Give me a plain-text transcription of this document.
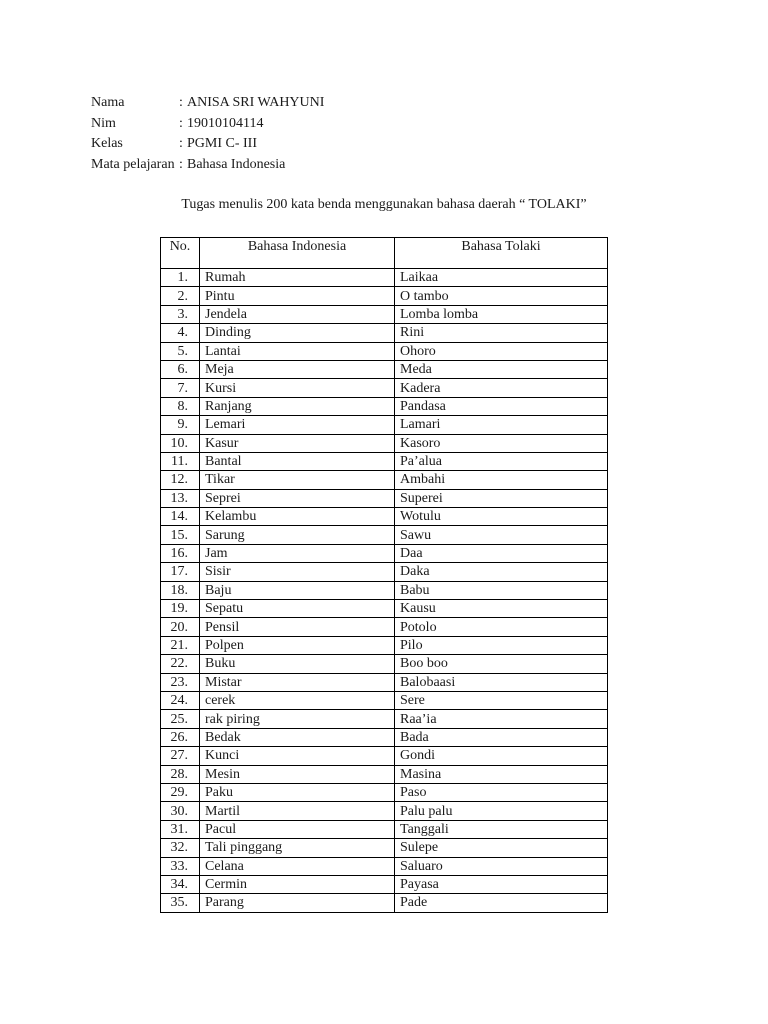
Nama	: ANISA SRI WAHYUNI
Nim	: 19010104114
Kelas	: PGMI C- III
Mata pelajaran : Bahasa Indonesia
Tugas menulis 200 kata benda menggunakan bahasa daerah “ TOLAKI”
No.	Bahasa Indonesia	Bahasa Tolaki
1.	Rumah	Laikaa
2.	Pintu	O tambo
3.	Jendela	Lomba lomba
4.	Dinding	Rini
5.	Lantai	Ohoro
6.	Meja	Meda
7.	Kursi	Kadera
8.	Ranjang	Pandasa
9.	Lemari	Lamari
10.	Kasur	Kasoro
11.	Bantal	Pa’alua
12.	Tikar	Ambahi
13.	Seprei	Superei
14.	Kelambu	Wotulu
15.	Sarung	Sawu
16.	Jam	Daa
17.	Sisir	Daka
18.	Baju	Babu
19.	Sepatu	Kausu
20.	Pensil	Potolo
21.	Polpen	Pilo
22.	Buku	Boo boo
23.	Mistar	Balobaasi
24.	cerek	Sere
25.	rak piring	Raa’ia
26.	Bedak	Bada
27.	Kunci	Gondi
28.	Mesin	Masina
29.	Paku	Paso
30.	Martil	Palu palu
31.	Pacul	Tanggali
32.	Tali pinggang	Sulepe
33.	Celana	Saluaro
34.	Cermin	Payasa
35.	Parang	Pade
